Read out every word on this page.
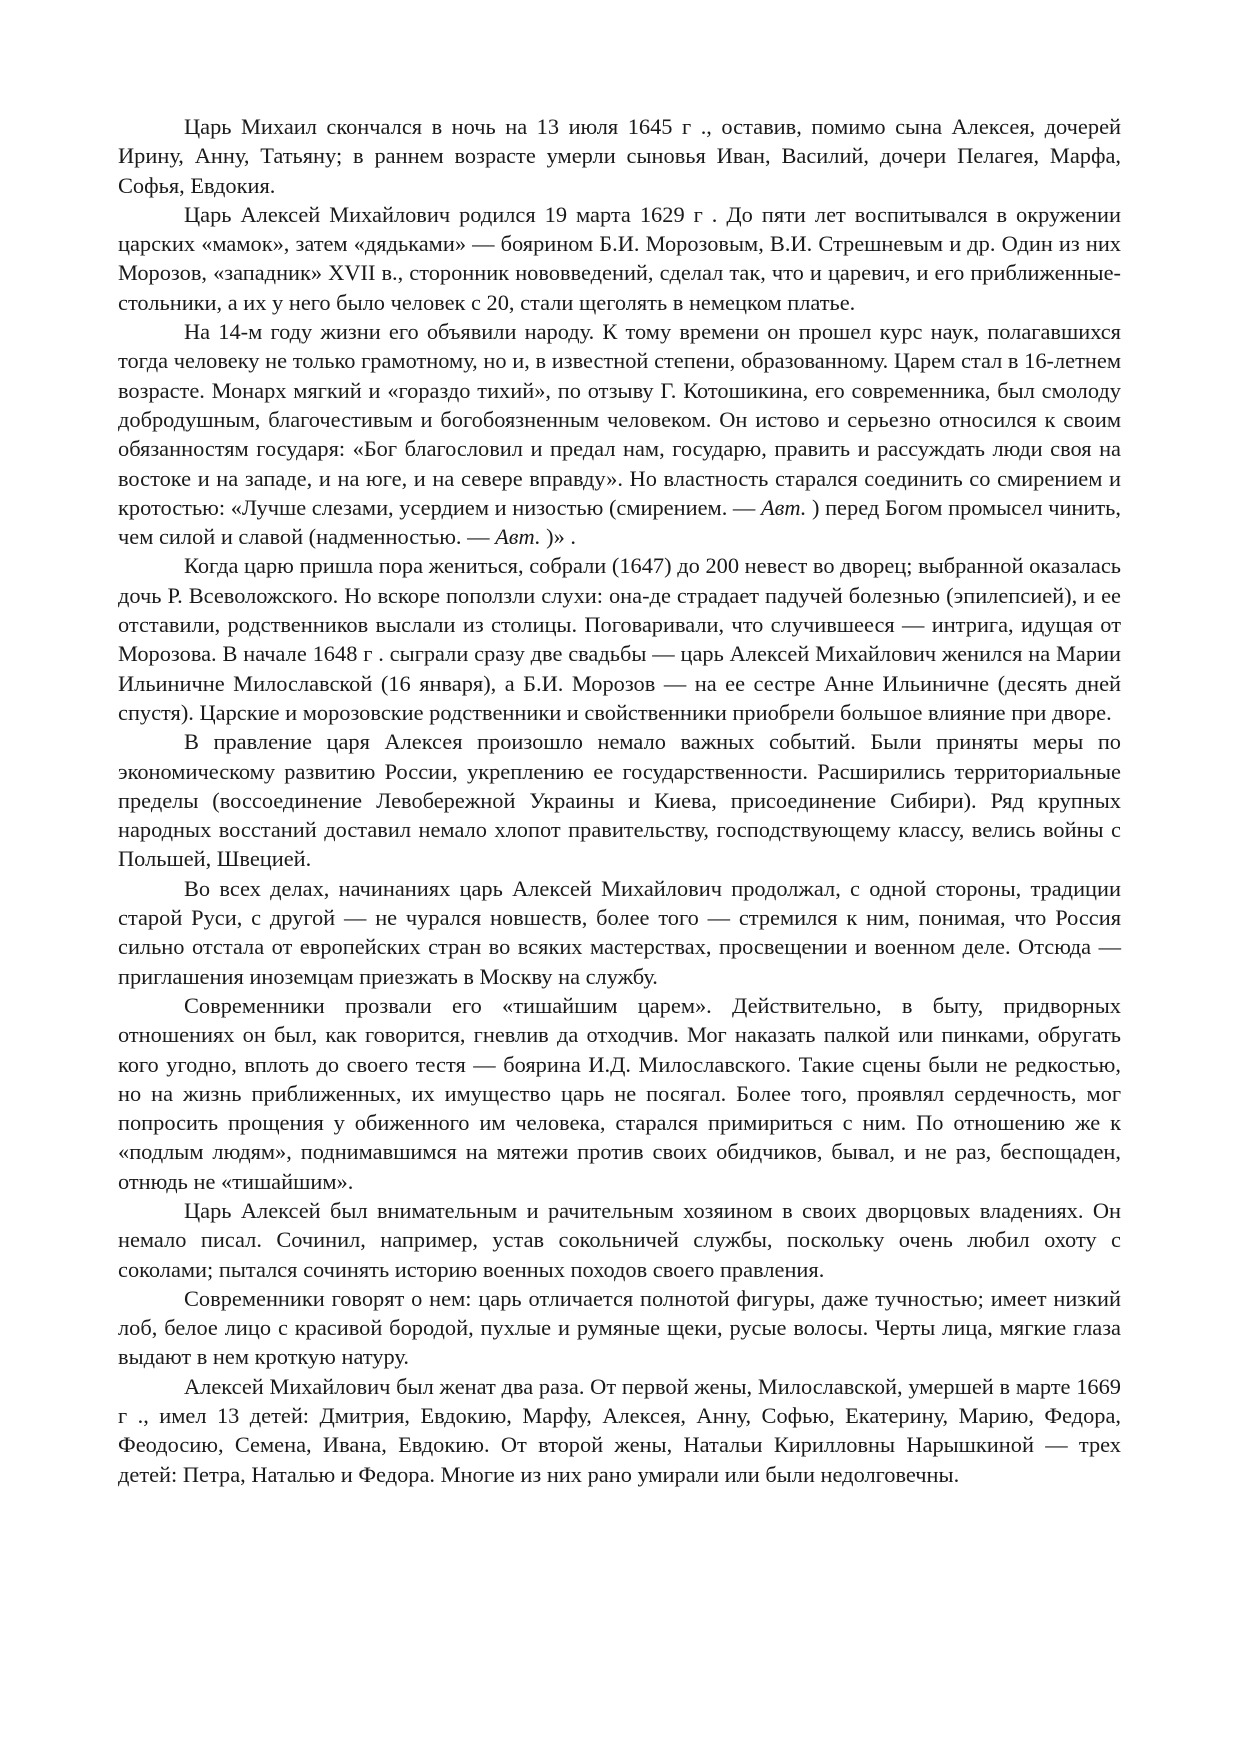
Царь Михаил скончался в ночь на 13 июля 1645 г ., оставив, помимо сына Алексея, дочерей Ирину, Анну, Татьяну; в раннем возрасте умерли сыновья Иван, Василий, дочери Пелагея, Марфа, Софья, Евдокия.

Царь Алексей Михайлович родился 19 марта 1629 г . До пяти лет воспитывался в окружении царских «мамок», затем «дядьками» — боярином Б.И. Морозовым, В.И. Стрешневым и др. Один из них Морозов, «западник» XVII в., сторонник нововведений, сделал так, что и царевич, и его приближенные-стольники, а их у него было человек с 20, стали щеголять в немецком платье.

На 14-м году жизни его объявили народу. К тому времени он прошел курс наук, полагавшихся тогда человеку не только грамотному, но и, в известной степени, образованному. Царем стал в 16-летнем возрасте. Монарх мягкий и «гораздо тихий», по отзыву Г. Котошикина, его современника, был смолоду добродушным, благочестивым и богобоязненным человеком. Он истово и серьезно относился к своим обязанностям государя: «Бог благословил и предал нам, государю, править и рассуждать люди своя на востоке и на западе, и на юге, и на севере вправду». Но властность старался соединить со смирением и кротостью: «Лучше слезами, усердием и низостью (смирением. — Авт. ) перед Богом промысел чинить, чем силой и славой (надменностью. — Авт. )» .

Когда царю пришла пора жениться, собрали (1647) до 200 невест во дворец; выбранной оказалась дочь Р. Всеволожского. Но вскоре поползли слухи: она-де страдает падучей болезнью (эпилепсией), и ее отставили, родственников выслали из столицы. Поговаривали, что случившееся — интрига, идущая от Морозова. В начале 1648 г . сыграли сразу две свадьбы — царь Алексей Михайлович женился на Марии Ильиничне Милославской (16 января), а Б.И. Морозов — на ее сестре Анне Ильиничне (десять дней спустя). Царские и морозовские родственники и свойственники приобрели большое влияние при дворе.

В правление царя Алексея произошло немало важных событий. Были приняты меры по экономическому развитию России, укреплению ее государственности. Расширились территориальные пределы (воссоединение Левобережной Украины и Киева, присоединение Сибири). Ряд крупных народных восстаний доставил немало хлопот правительству, господствующему классу, велись войны с Польшей, Швецией.

Во всех делах, начинаниях царь Алексей Михайлович продолжал, с одной стороны, традиции старой Руси, с другой — не чурался новшеств, более того — стремился к ним, понимая, что Россия сильно отстала от европейских стран во всяких мастерствах, просвещении и военном деле. Отсюда — приглашения иноземцам приезжать в Москву на службу.

Современники прозвали его «тишайшим царем». Действительно, в быту, придворных отношениях он был, как говорится, гневлив да отходчив. Мог наказать палкой или пинками, обругать кого угодно, вплоть до своего тестя — боярина И.Д. Милославского. Такие сцены были не редкостью, но на жизнь приближенных, их имущество царь не посягал. Более того, проявлял сердечность, мог попросить прощения у обиженного им человека, старался примириться с ним. По отношению же к «подлым людям», поднимавшимся на мятежи против своих обидчиков, бывал, и не раз, беспощаден, отнюдь не «тишайшим».

Царь Алексей был внимательным и рачительным хозяином в своих дворцовых владениях. Он немало писал. Сочинил, например, устав сокольничей службы, поскольку очень любил охоту с соколами; пытался сочинять историю военных походов своего правления.

Современники говорят о нем: царь отличается полнотой фигуры, даже тучностью; имеет низкий лоб, белое лицо с красивой бородой, пухлые и румяные щеки, русые волосы. Черты лица, мягкие глаза выдают в нем кроткую натуру.

Алексей Михайлович был женат два раза. От первой жены, Милославской, умершей в марте 1669 г ., имел 13 детей: Дмитрия, Евдокию, Марфу, Алексея, Анну, Софью, Екатерину, Марию, Федора, Феодосию, Семена, Ивана, Евдокию. От второй жены, Натальи Кирилловны Нарышкиной — трех детей: Петра, Наталью и Федора. Многие из них рано умирали или были недолговечны.
